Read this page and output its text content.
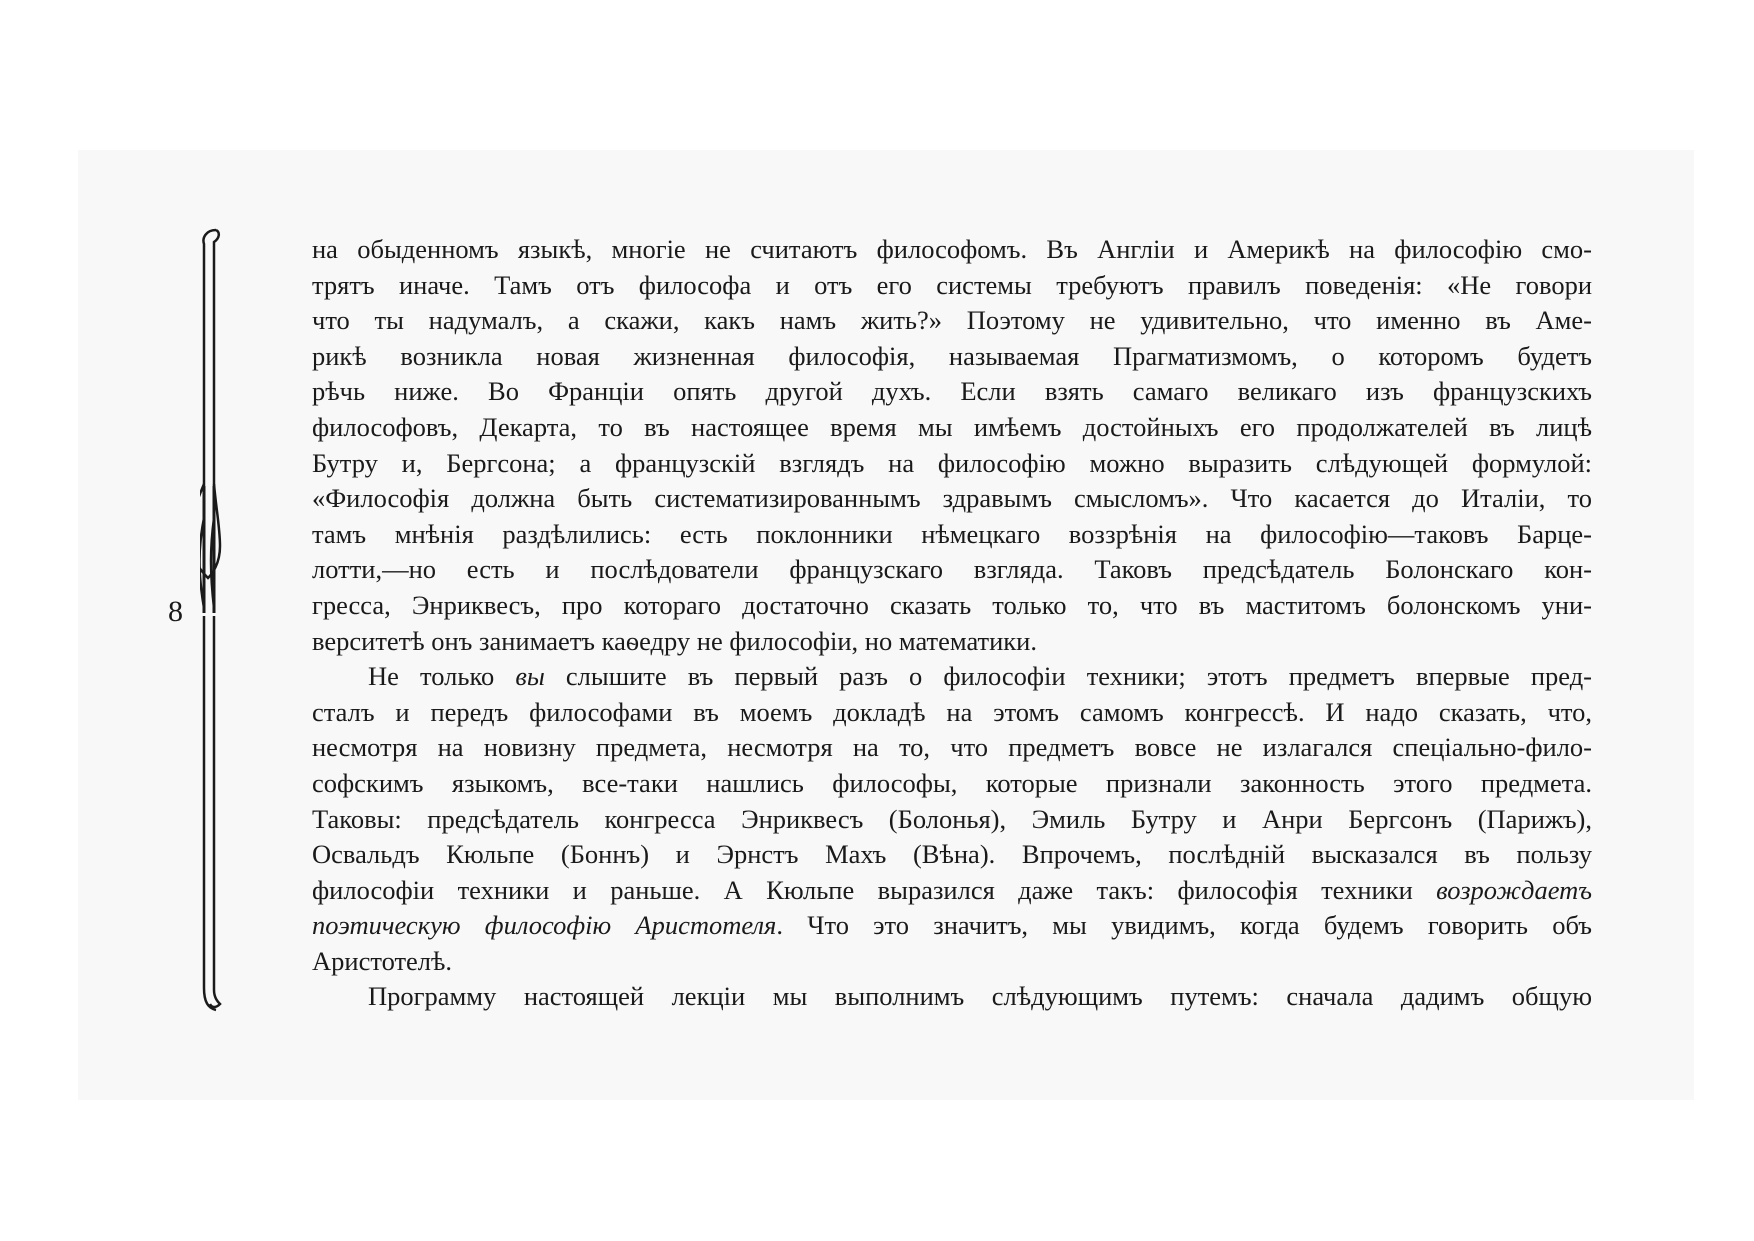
8
на обыденномъ языкѣ, многiе не считаютъ философомъ. Въ Англiи и Америкѣ на философiю смо-
трятъ иначе. Тамъ отъ философа и отъ его системы требуютъ правилъ поведенiя: «Не говори
что ты надумалъ, а скажи, какъ намъ жить?» Поэтому не удивительно, что именно въ Аме-
рикѣ возникла новая жизненная философiя, называемая Прагматизмомъ, о которомъ будетъ
рѣчь ниже. Во Францiи опять другой духъ. Если взять самаго великаго изъ французскихъ
философовъ, Декарта, то въ настоящее время мы имѣемъ достойныхъ его продолжателей въ лицѣ
Бутру и, Бергсона; а французскiй взглядъ на философiю можно выразить слѣдующей формулой:
«Философiя должна быть систематизированнымъ здравымъ смысломъ». Что касается до Италiи, то
тамъ мнѣнiя раздѣлились: есть поклонники нѣмецкаго воззрѣнiя на философiю—таковъ Барце-
лотти,—но есть и послѣдователи французскаго взгляда. Таковъ предсѣдатель Болонскаго кон-
гресса, Энриквесъ, про котораго достаточно сказать только то, что въ маститомъ болонскомъ уни-
верситетѣ онъ занимаетъ каѳедру не философiи, но математики.
Не только вы слышите въ первый разъ о философiи техники; этотъ предметъ впервые пред-
сталъ и передъ философами въ моемъ докладѣ на этомъ самомъ конгрессѣ. И надо сказать, что,
несмотря на новизну предмета, несмотря на то, что предметъ вовсе не излагался спецiально-фило-
софскимъ языкомъ, все-таки нашлись философы, которые признали законность этого предмета.
Таковы: предсѣдатель конгресса Энриквесъ (Болонья), Эмиль Бутру и Анри Бергсонъ (Парижъ),
Освальдъ Кюльпе (Боннъ) и Эрнстъ Махъ (Вѣна). Впрочемъ, послѣднiй высказался въ пользу
философiи техники и раньше. А Кюльпе выразился даже такъ: философiя техники возрождаетъ
поэтическую философiю Аристотеля. Что это значитъ, мы увидимъ, когда будемъ говорить объ
Аристотелѣ.
Программу настоящей лекцiи мы выполнимъ слѣдующимъ путемъ: сначала дадимъ общую
